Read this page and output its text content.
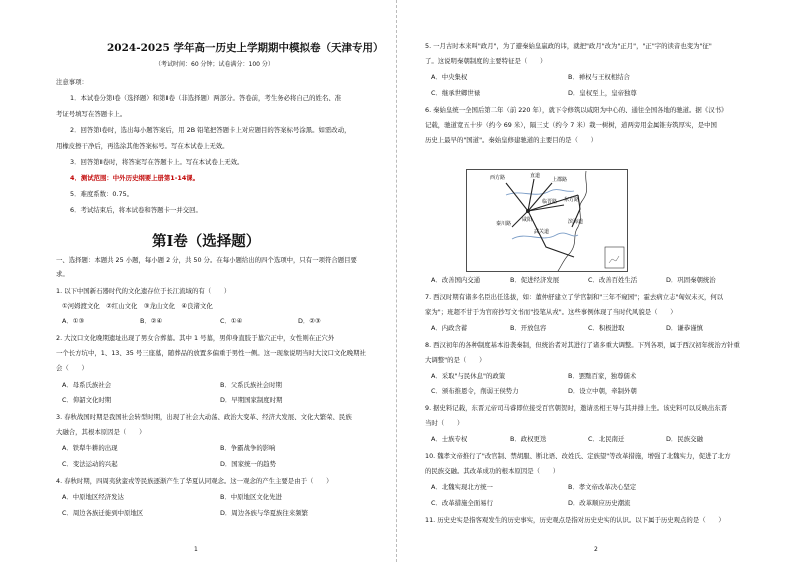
2024-2025 学年高一历史上学期期中模拟卷（天津专用）
（考试时间：60 分钟；试卷满分：100 分）
注意事项：
1．本试卷分第Ⅰ卷（选择题）和第Ⅱ卷（非选择题）两部分。答卷前，考生务必将自己的姓名、准
考证号填写在答题卡上。
2．回答第Ⅰ卷时，选出每小题答案后，用 2B 铅笔把答题卡上对应题目的答案标号涂黑。如需改动，
用橡皮擦干净后，再选涂其他答案标号。写在本试卷上无效。
3．回答第Ⅱ卷时，将答案写在答题卡上。写在本试卷上无效。
4．测试范围：中外历史纲要上册第1-14课。
5．难度系数：0.75。
6．考试结束后，将本试卷和答题卡一并交回。
第Ⅰ卷（选择题）
一、选择题：本题共 25 小题，每小题 2 分，共 50 分。在每小题给出的四个选项中，只有一项符合题目要
求。
1. 以下中国新石器时代的文化遗存位于长江流域的有（　　）
①河姆渡文化　②红山文化　③龙山文化　④良渚文化
A．①③	B．②④	C．①④	D．②③
2. 大汶口文化晚期遗址出现了男女合葬墓。其中 1 号墓，男仰身直肢于墓穴正中，女性则在正穴外
一个长方坑中，1、13、35 号三座墓，随葬品的放置多偏重于男性一侧。这一现象说明当时大汶口文化晚期社
会（　　）
A．母系氏族社会	B．父系氏族社会时期
C．仰韶文化时期	D．早期国家制度时期
3. 春秋战国时期是我国社会转型时期，出现了社会大动荡、政治大变革、经济大发展、文化大繁荣、民族
大融合，其根本原因是（　　）
A．铁犁牛耕的出现	B．争霸战争的影响
C．变法运动的兴起	D．国家统一的趋势
4. 春秋时期，四周夷狄蛮戎等民族逐渐产生了华夏认同观念。这一观念的产生主要是由于（　　）
A．中原地区经济发达	B．中原地区文化先进
C．周边各族迁徙到中原地区	D．周边各族与华夏族往来频繁
1
5. 一月古时本来叫"政月"，为了避秦始皇嬴政的讳，就把"政月"改为"正月"，"正"字的读音也变为"征"
了。这说明秦朝制度的主要特征是（　　）
A．中央集权	B．禅权与王权相结合
C．继承世卿世禄	D．皇权至上，皇帝独尊
6. 秦始皇统一全国后第二年（前 220 年），就下令修筑以咸阳为中心的、通往全国各地的驰道。据《汉书》
记载，驰道宽五十步（约今 69 米），隔三丈（约今 7 米）栽一树树，道两旁用金属锥夯筑厚实，是中国
历史上最早的"国道"。秦始皇修建驰道的主要目的是（　　）
西方路	直道
上郡路
临晋路 东方路
秦川路
咸阳
武关道
滨海道
A．改善国内交通	B．促进经济发展	C．改善百姓生活	D．巩固秦朝统治
7. 西汉时期有诸多名臣出任选拔，如：董仲舒建立了学官制和"三年不窥园"；霍去病立志"匈奴未灭，何以
家为"；班超不甘于为官府抄写文书而"投笔从戎"。这些事例体现了当时代风貌是（　　）
A．内政含蓄	B．开放包容	C．积极进取	D．谦恭谨慎
8. 西汉初年的各种制度基本沿袭秦制，但统治者对其进行了诸多重大调整。下列各项，属于西汉初年统治方针重
大调整"的是（　　）
A．采取"与民休息"的政策	B．罢黜百家，独尊儒术
C．颁布推恩令，削弱王侯势力	D．设立中朝，牵制外朝
9. 据史料记载，东晋元帝司马睿即位接受百官朝贺时，邀请丞相王导与其并排上坐。该史料可以反映出东晋
当时（　　）
A．士族专权	B．政权更迭	C．北民南迁	D．民族交融
10. 魏孝文帝推行了"改官制、禁胡服、断北语、改姓氏、定族望"等改革措施，增强了北魏实力，促进了北方
的民族交融。其改革成功的根本原因是（　　）
A．北魏实现北方统一	B．孝文帝改革决心坚定
C．改革措施全面易行	D．改革顺应历史潮流
11. 历史史实是指客观发生的历史事实，历史观点是指对历史史实的认识。以下属于历史观点的是（　　）
2
